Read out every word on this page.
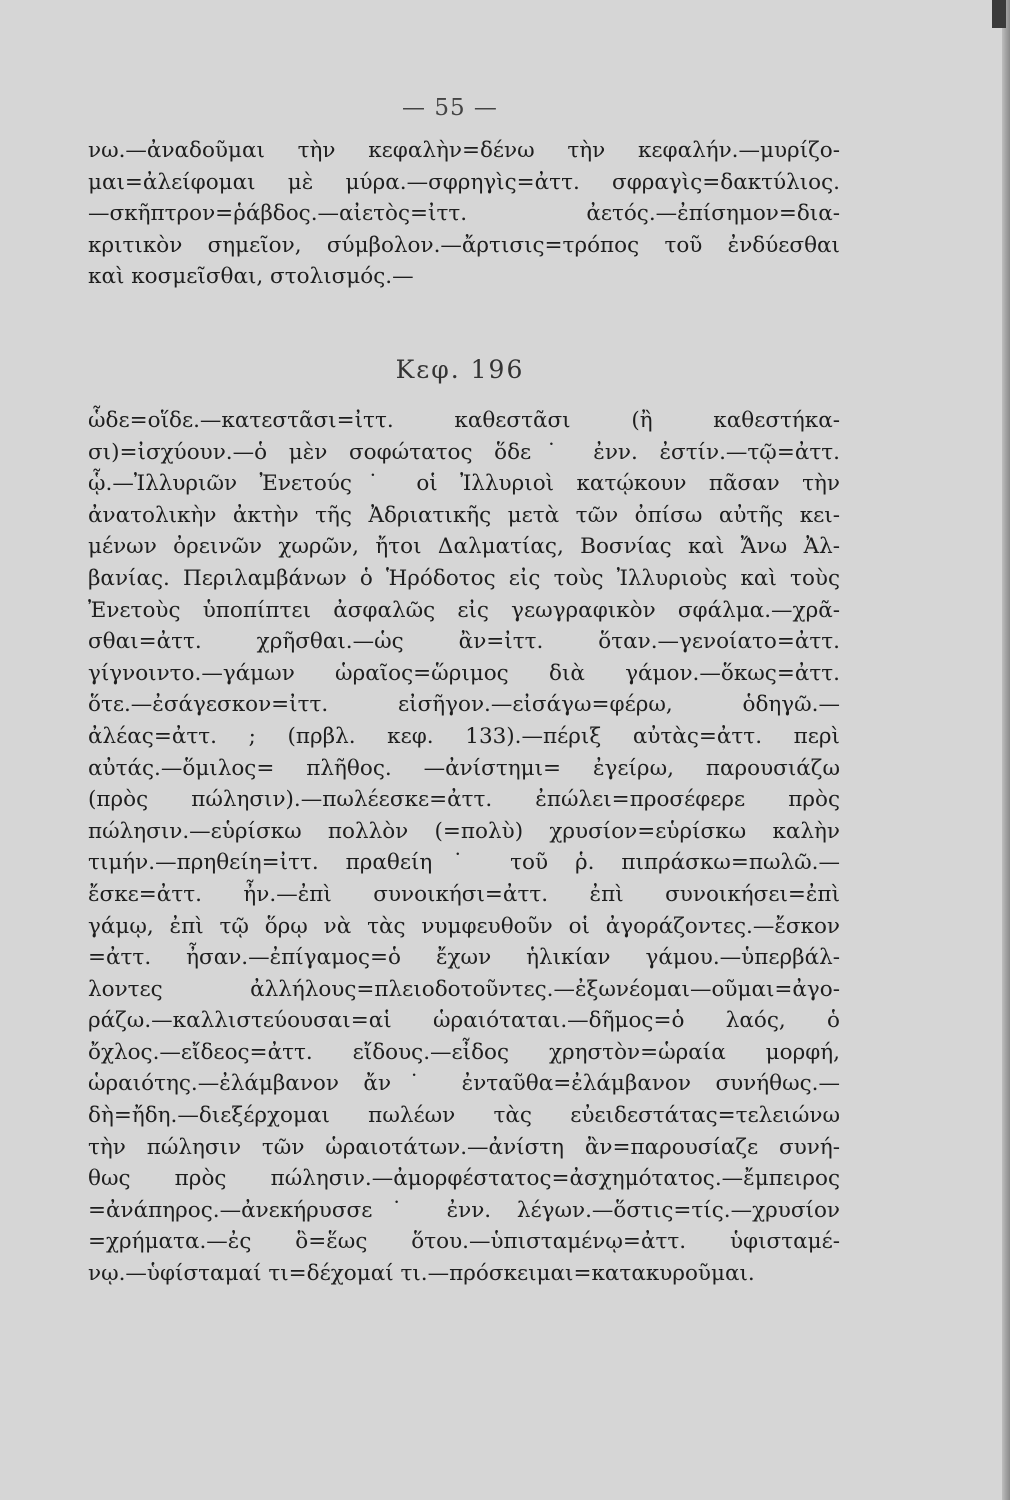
— 55 —
νω.—ἀναδοῦμαι τὴν κεφαλὴν=δένω τὴν κεφαλήν.—μυρίζο-
μαι=ἀλείφομαι μὲ μύρα.—σφρηγὶς=ἀττ. σφραγὶς=δακτύλιος.
—σκῆπτρον=ῥάβδος.—αἰετὸς=ἰττ. ἀετός.—ἐπίσημον=δια-
κριτικὸν σημεῖον, σύμβολον.—ἄρτισις=τρόπος τοῦ ἐνδύεσθαι
καὶ κοσμεῖσθαι, στολισμός.—
Κεφ. 196
ὧδε=οἵδε.—κατεστᾶσι=ἰττ. καθεστᾶσι (ἢ καθεστήκα-
σι)=ἰσχύουν.—ὁ μὲν σοφώτατος ὅδε˙ ἐνν. ἐστίν.—τῷ=ἀττ.
ᾧ.—Ἰλλυριῶν Ἐνετούς˙ οἱ Ἰλλυριοὶ κατῴκουν πᾶσαν τὴν
ἀνατολικὴν ἀκτὴν τῆς Ἀδριατικῆς μετὰ τῶν ὀπίσω αὐτῆς κει-
μένων ὀρεινῶν χωρῶν, ἤτοι Δαλματίας, Βοσνίας καὶ Ἄνω Ἀλ-
βανίας. Περιλαμβάνων ὁ Ἡρόδοτος εἰς τοὺς Ἰλλυριοὺς καὶ τοὺς
Ἐνετοὺς ὑποπίπτει ἀσφαλῶς εἰς γεωγραφικὸν σφάλμα.—χρᾶ-
σθαι=ἀττ. χρῆσθαι.—ὡς ἂν=ἰττ. ὅταν.—γενοίατο=ἀττ.
γίγνοιντο.—γάμων ὡραῖος=ὥριμος διὰ γάμον.—ὅκως=ἀττ.
ὅτε.—ἐσάγεσκον=ἰττ. εἰσῆγον.—εἰσάγω=φέρω, ὁδηγῶ.—
ἀλέας=ἀττ. ; (πρβλ. κεφ. 133).—πέριξ αὐτὰς=ἀττ. περὶ
αὐτάς.—ὅμιλος= πλῆθος. —ἀνίστημι= ἐγείρω, παρουσιάζω
(πρὸς πώλησιν).—πωλέεσκε=ἀττ. ἐπώλει=προσέφερε πρὸς
πώλησιν.—εὑρίσκω πολλὸν (=πολὺ) χρυσίον=εὑρίσκω καλὴν
τιμήν.—πρηθείη=ἰττ. πραθείη˙ τοῦ ῥ. πιπράσκω=πωλῶ.—
ἔσκε=ἀττ. ἦν.—ἐπὶ συνοικήσι=ἀττ. ἐπὶ συνοικήσει=ἐπὶ
γάμῳ, ἐπὶ τῷ ὅρῳ νὰ τὰς νυμφευθοῦν οἱ ἀγοράζοντες.—ἔσκον
=ἀττ. ἦσαν.—ἐπίγαμος=ὁ ἔχων ἡλικίαν γάμου.—ὑπερβάλ-
λοντες ἀλλήλους=πλειοδοτοῦντες.—ἐξωνέομαι—οῦμαι=ἀγο-
ράζω.—καλλιστεύουσαι=αἱ ὡραιόταται.—δῆμος=ὁ λαός, ὁ
ὄχλος.—εἴδεος=ἀττ. εἴδους.—εἶδος χρηστὸν=ὡραία μορφή,
ὡραιότης.—ἐλάμβανον ἄν˙ ἐνταῦθα=ἐλάμβανον συνήθως.—
δὴ=ἤδη.—διεξέρχομαι πωλέων τὰς εὐειδεστάτας=τελειώνω
τὴν πώλησιν τῶν ὡραιοτάτων.—ἀνίστη ἂν=παρουσίαζε συνή-
θως πρὸς πώλησιν.—ἀμορφέστατος=ἀσχημότατος.—ἔμπειρος
=ἀνάπηρος.—ἀνεκήρυσσε˙ ἐνν. λέγων.—ὅστις=τίς.—χρυσίον
=χρήματα.—ἐς ὃ=ἕως ὅτου.—ὑπισταμένῳ=ἀττ. ὑφισταμέ-
νῳ.—ὑφίσταμαί τι=δέχομαί τι.—πρόσκειμαι=κατακυροῦμαι.
